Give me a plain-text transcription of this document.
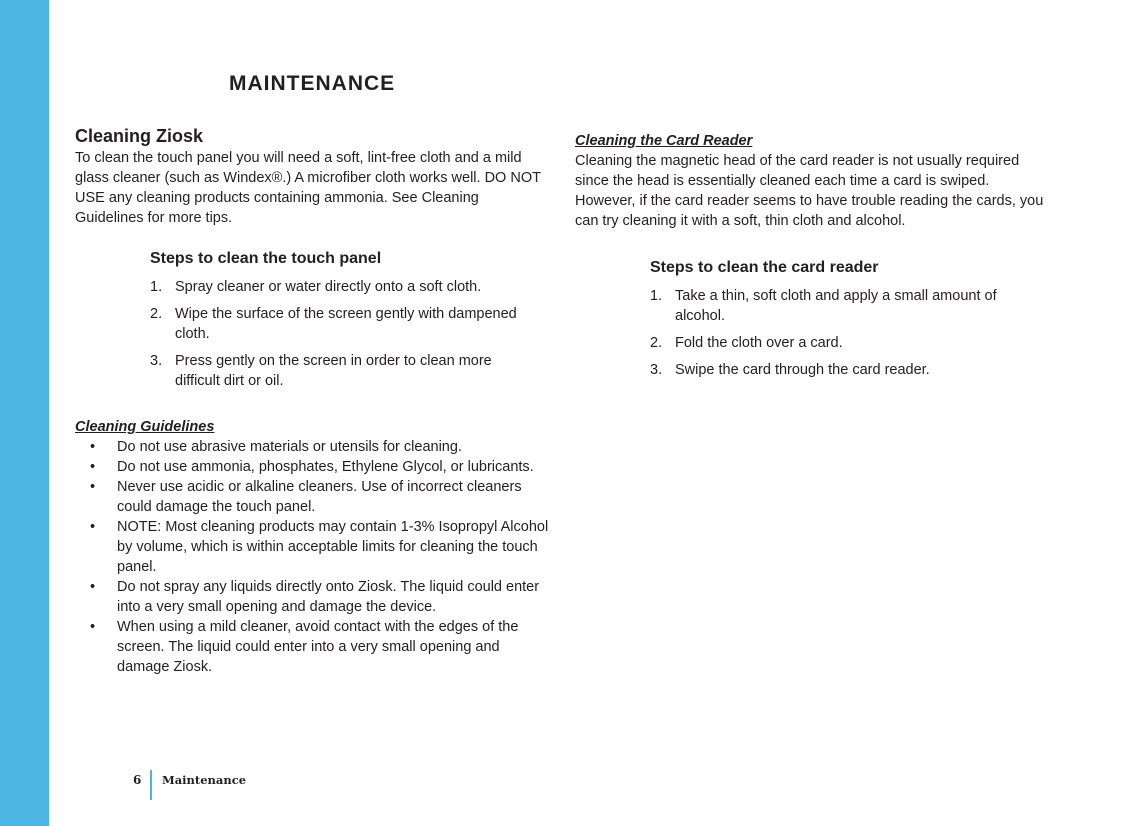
MAINTENANCE
Cleaning Ziosk

To clean the touch panel you will need a soft, lint-free cloth and a mild glass cleaner (such as Windex®.) A microfiber cloth works well. DO NOT USE any cleaning products containing ammonia. See Cleaning Guidelines for more tips.

Steps to clean the touch panel
1. Spray cleaner or water directly onto a soft cloth.
2. Wipe the surface of the screen gently with dampened cloth.
3. Press gently on the screen in order to clean more difficult dirt or oil.
Cleaning Guidelines
• Do not use abrasive materials or utensils for cleaning.
• Do not use ammonia, phosphates, Ethylene Glycol, or lubricants.
• Never use acidic or alkaline cleaners. Use of incorrect cleaners could damage the touch panel.
• NOTE: Most cleaning products may contain 1-3% Isopropyl Alcohol by volume, which is within acceptable limits for cleaning the touch panel.
• Do not spray any liquids directly onto Ziosk. The liquid could enter into a very small opening and damage the device.
• When using a mild cleaner, avoid contact with the edges of the screen. The liquid could enter into a very small opening and damage Ziosk.
Cleaning the Card Reader

Cleaning the magnetic head of the card reader is not usually required since the head is essentially cleaned each time a card is swiped. However, if the card reader seems to have trouble reading the cards, you can try cleaning it with a soft, thin cloth and alcohol.

Steps to clean the card reader
1. Take a thin, soft cloth and apply a small amount of alcohol.
2. Fold the cloth over a card.
3. Swipe the card through the card reader.
6 Maintenance
